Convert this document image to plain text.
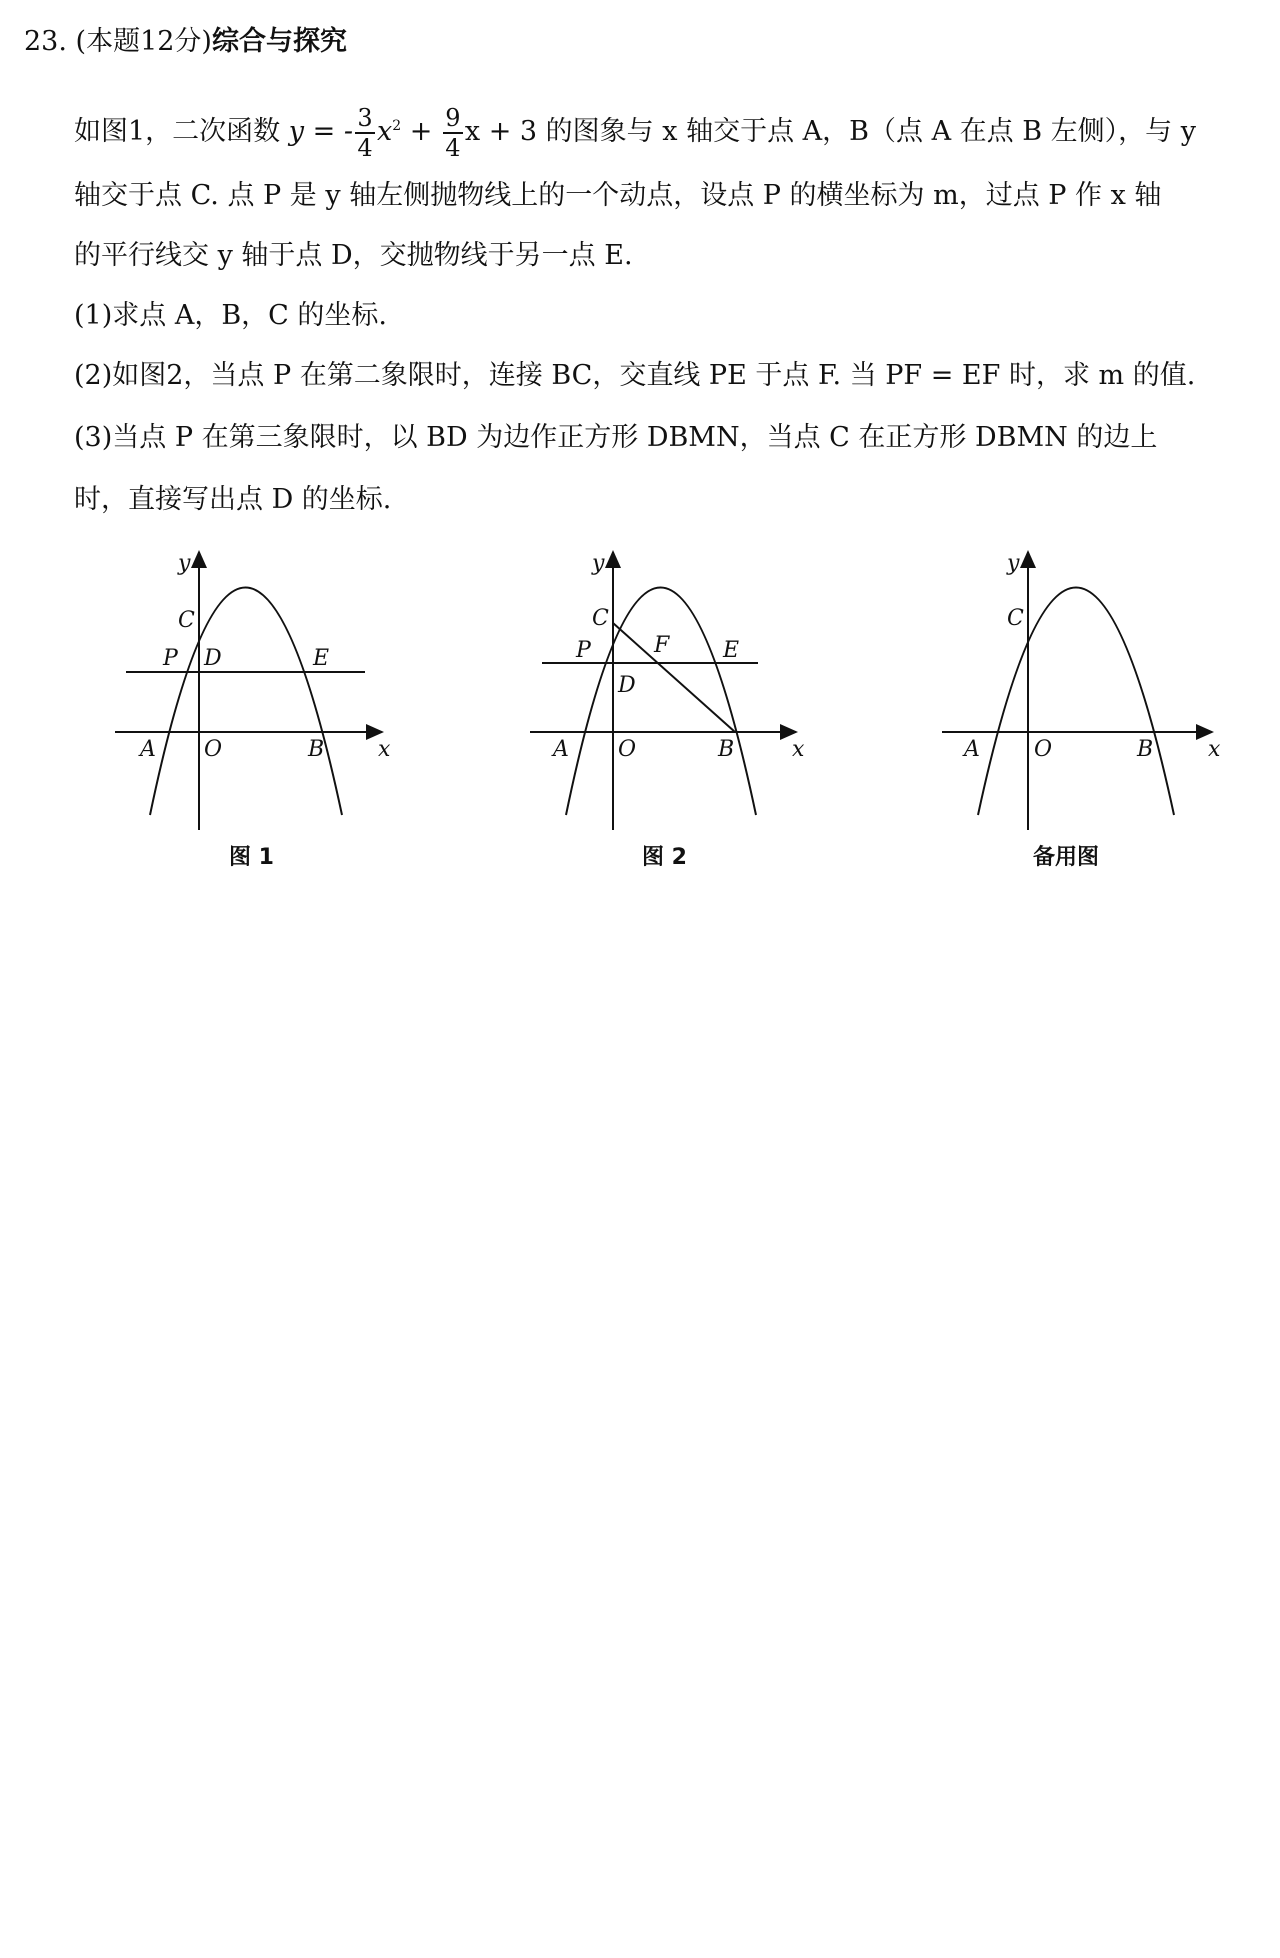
23. (本题12分)综合与探究
如图1，二次函数 y = - $\frac{3}{4} x^2 + \frac{9}{4}$ x + 3 的图象与 x 轴交于点 A，B（点 A 在点 B 左侧），与 y
轴交于点 C. 点 P 是 y 轴左侧抛物线上的一个动点，设点 P 的横坐标为 m，过点 P 作 x 轴
的平行线交 y 轴于点 D，交抛物线于另一点 E.
(1)求点 A，B，C 的坐标.
(2)如图2，当点 P 在第二象限时，连接 BC，交直线 PE 于点 F. 当 PF = EF 时，求 m 的值.
(3)当点 P 在第三象限时，以 BD 为边作正方形 DBMN，当点 C 在正方形 DBMN 的边上
时，直接写出点 D 的坐标.
y
x
C
P D	E
A O	B
图 1
y
x
C
P	F E
D
A O	B
图 2
y
x
C
A O	B
备用图
